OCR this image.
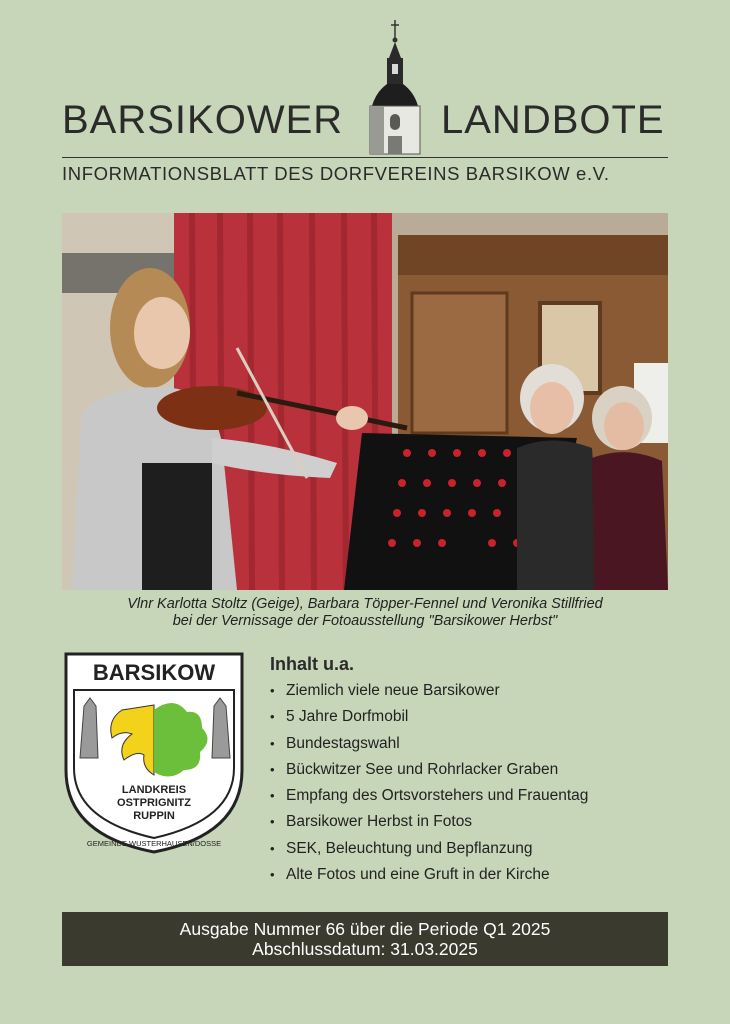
BARSIKOWER LANDBOTE
INFORMATIONSBLATT DES DORFVEREINS BARSIKOW e.V.
Vlnr Karlotta Stoltz (Geige), Barbara Töpper-Fennel und Veronika Stillfried
bei der Vernissage der Fotoausstellung "Barsikower Herbst"
BARSIKOW
LANDKREIS
OSTPRIGNITZ
RUPPIN
GEMEINDE WUSTERHAUSEN/DOSSE
Inhalt u.a.
• Ziemlich viele neue Barsikower
• 5 Jahre Dorfmobil
• Bundestagswahl
• Bückwitzer See und Rohrlacker Graben
• Empfang des Ortsvorstehers und Frauentag
• Barsikower Herbst in Fotos
• SEK, Beleuchtung und Bepflanzung
• Alte Fotos und eine Gruft in der Kirche
Ausgabe Nummer 66 über die Periode Q1 2025
Abschlussdatum: 31.03.2025
